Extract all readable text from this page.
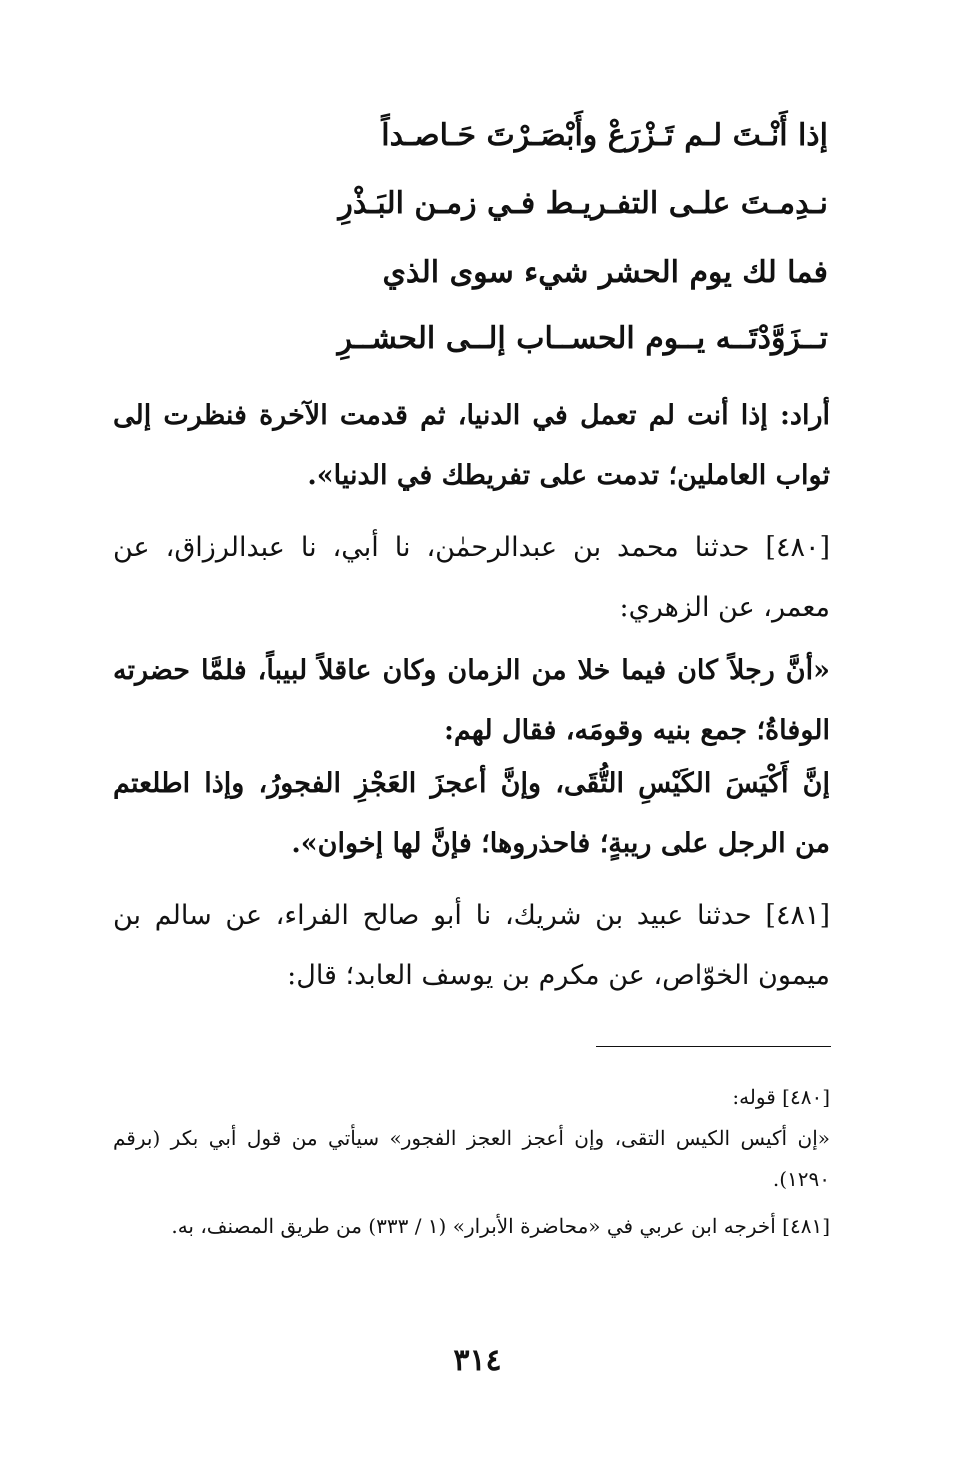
إذا أَنْـتَ لـم تَـزْرَعْ وأَبْصَـرْتَ حَـاصـداً
نـدِمـتَ علـى التفـريـط فـي زمـن البَـذْرِ
فما لك يوم الحشر شيء سوى الذي
تــزَوَّدْتَــه يــوم الحســاب إلــى الحشــرِ
أراد: إذا أنت لم تعمل في الدنيا، ثم قدمت الآخرة فنظرت إلى ثواب العاملين؛ تدمت على تفريطك في الدنيا».
[٤٨٠] حدثنا محمد بن عبدالرحمٰن، نا أبي، نا عبدالرزاق، عن معمر، عن الزهري:
«أنَّ رجلاً كان فيما خلا من الزمان وكان عاقلاً لبيباً، فلمَّا حضرته الوفاةُ؛ جمع بنيه وقومَه، فقال لهم:
إنَّ أَكْيَسَ الكَيْسِ التُّقَى، وإنَّ أعجزَ العَجْزِ الفجورُ، وإذا اطلعتم من الرجل على ريبةٍ؛ فاحذروها؛ فإنَّ لها إخوان».
[٤٨١] حدثنا عبيد بن شريك، نا أبو صالح الفراء، عن سالم بن ميمون الخوّاص، عن مكرم بن يوسف العابد؛ قال:
[٤٨٠] قوله:
«إن أكيس الكيس التقى، وإن أعجز العجز الفجور» سيأتي من قول أبي بكر (برقم ١٢٩٠).
[٤٨١] أخرجه ابن عربي في «محاضرة الأبرار» (١ / ٣٣٣) من طريق المصنف، به.
٣١٤
